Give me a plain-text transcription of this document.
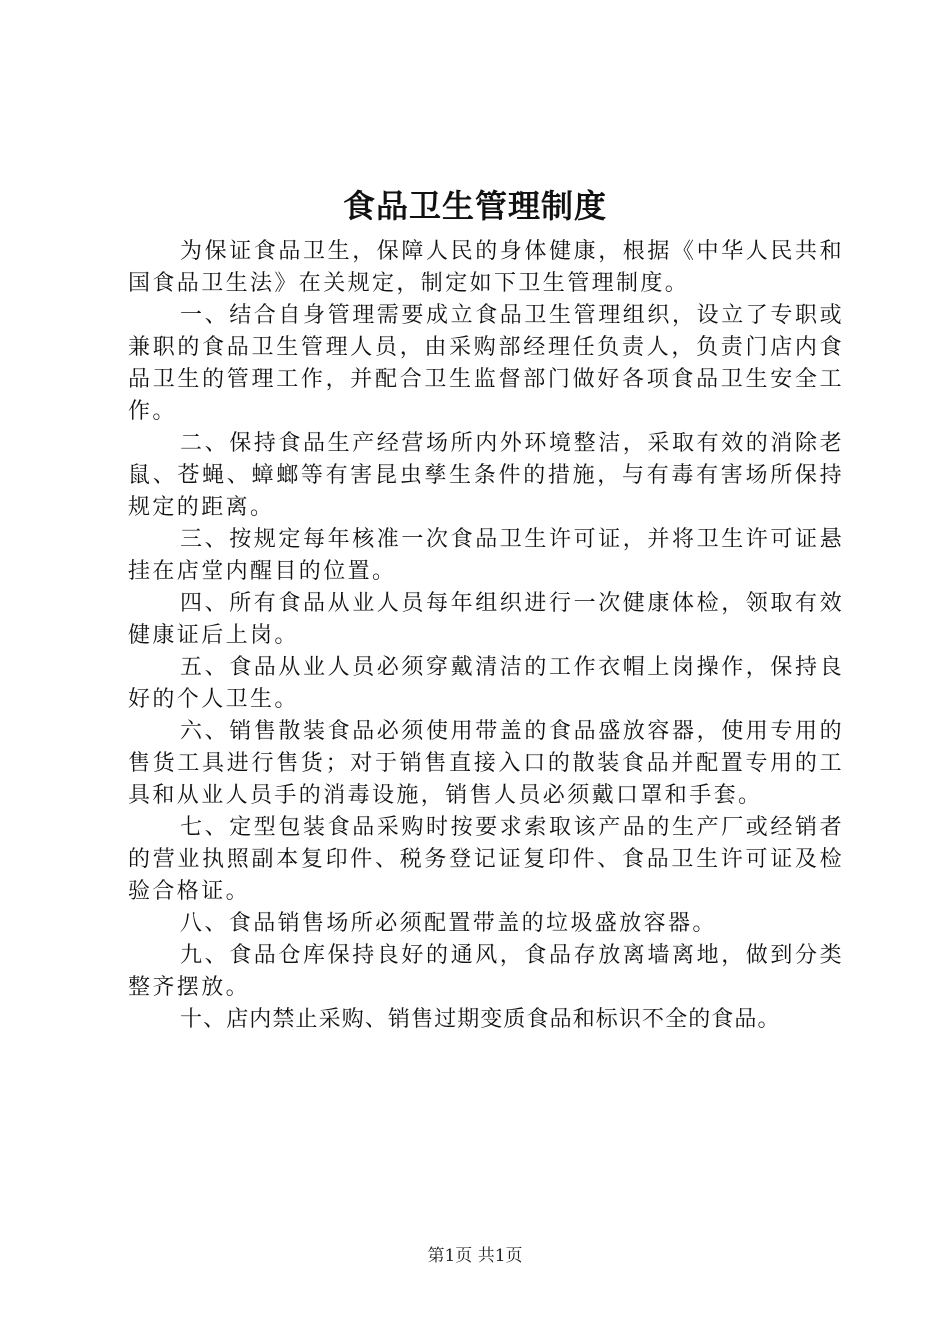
食品卫生管理制度

为保证食品卫生，保障人民的身体健康，根据《中华人民共和国食品卫生法》在关规定，制定如下卫生管理制度。

一、结合自身管理需要成立食品卫生管理组织，设立了专职或兼职的食品卫生管理人员，由采购部经理任负责人，负责门店内食品卫生的管理工作，并配合卫生监督部门做好各项食品卫生安全工作。

二、保持食品生产经营场所内外环境整洁，采取有效的消除老鼠、苍蝇、蟑螂等有害昆虫孳生条件的措施，与有毒有害场所保持规定的距离。

三、按规定每年核准一次食品卫生许可证，并将卫生许可证悬挂在店堂内醒目的位置。

四、所有食品从业人员每年组织进行一次健康体检，领取有效健康证后上岗。

五、食品从业人员必须穿戴清洁的工作衣帽上岗操作，保持良好的个人卫生。

六、销售散装食品必须使用带盖的食品盛放容器，使用专用的售货工具进行售货；对于销售直接入口的散装食品并配置专用的工具和从业人员手的消毒设施，销售人员必须戴口罩和手套。

七、定型包装食品采购时按要求索取该产品的生产厂或经销者的营业执照副本复印件、税务登记证复印件、食品卫生许可证及检验合格证。

八、食品销售场所必须配置带盖的垃圾盛放容器。

九、食品仓库保持良好的通风，食品存放离墙离地，做到分类整齐摆放。

十、店内禁止采购、销售过期变质食品和标识不全的食品。

第1页 共1页
